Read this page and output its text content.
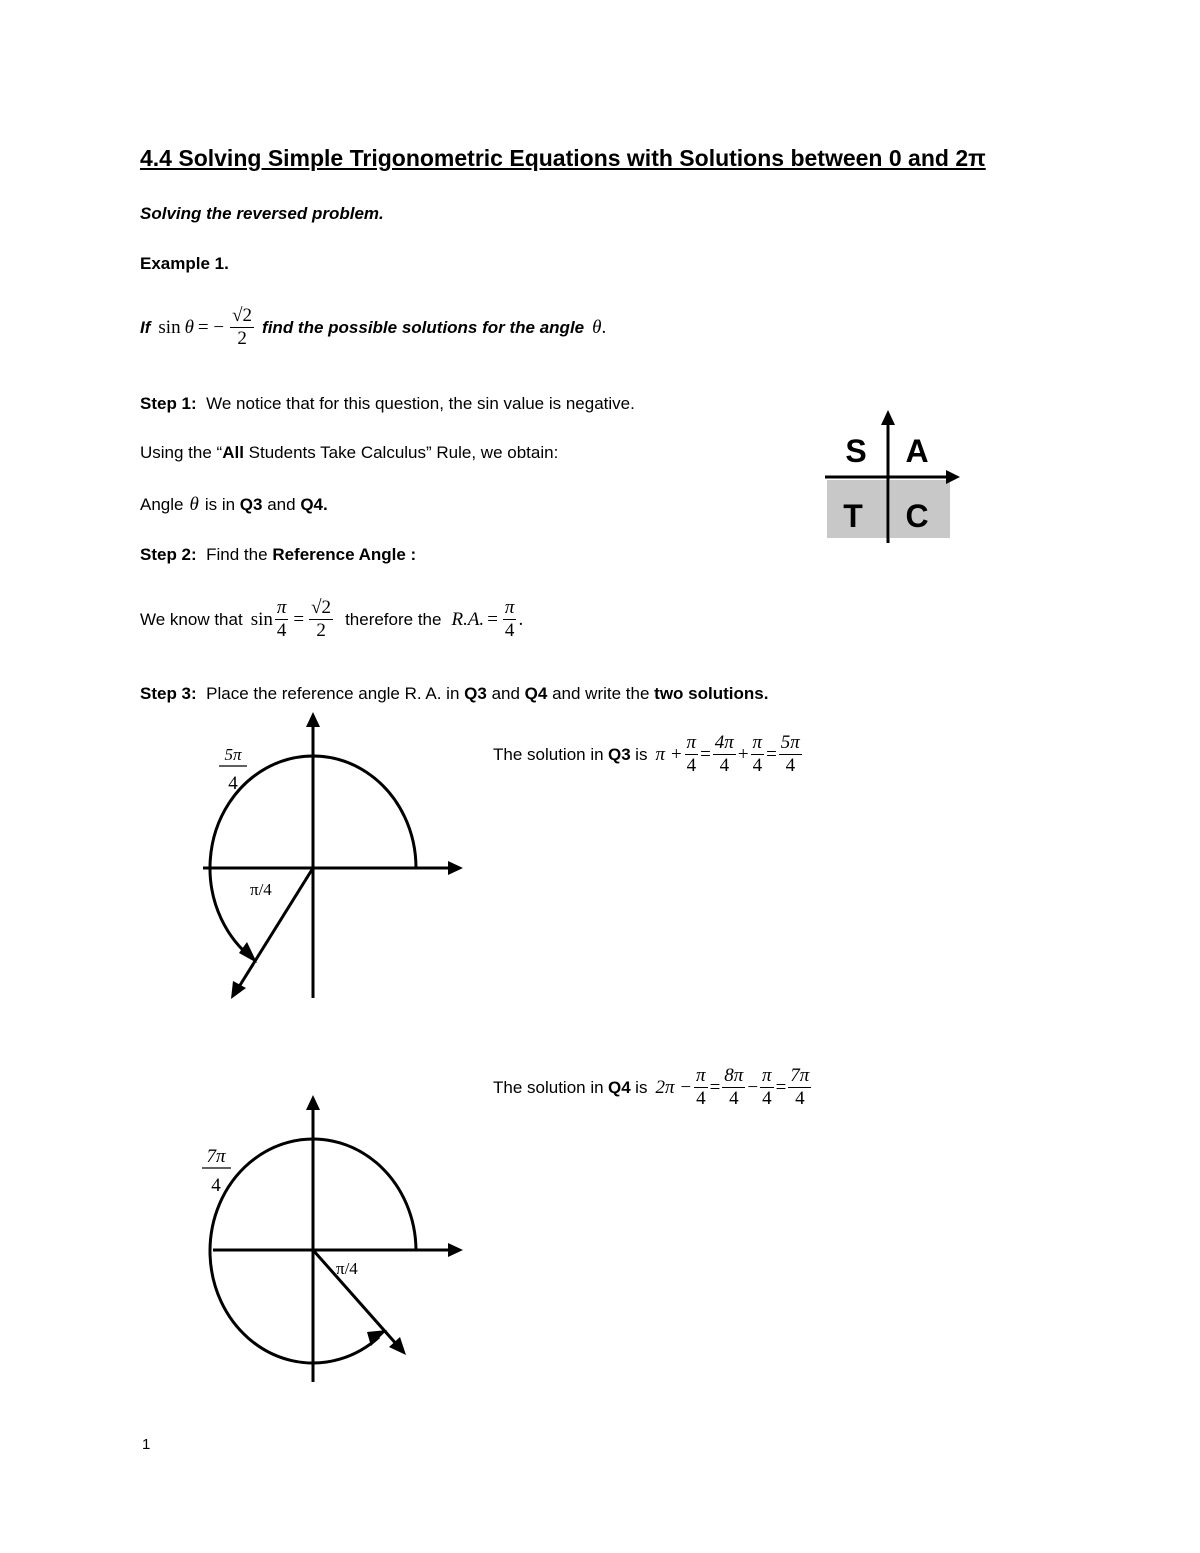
4.4 Solving Simple Trigonometric Equations with Solutions between 0 and 2π
Solving the reversed problem.
Example 1.
If sin θ = − $\frac{√2}{2}$ find the possible solutions for the angle θ .
Step 1: We notice that for this question, the sin value is negative.
Using the “All Students Take Calculus” Rule, we obtain:
Angle θ is in
Q3
and
Q4 .
S A
T C
Step 2: Find the Reference Angle :
We know that $\sin \frac{\pi}{4} = \frac{√2}{2}$ therefore the R.A. = $\frac{\pi}{4}$ .
Step 3: Place the reference angle R. A. in Q3 and Q4 and write the two solutions.
5π
4
π/4
The solution in
Q3
is $\pi + \frac{\pi}{4} = \frac{4\pi}{4} + \frac{\pi}{4} = \frac{5\pi}{4}$
The solution in
Q4
is $2\pi - \frac{\pi}{4} = \frac{8\pi}{4} - \frac{\pi}{4} = \frac{7\pi}{4}$
7π
4
π/4
1
